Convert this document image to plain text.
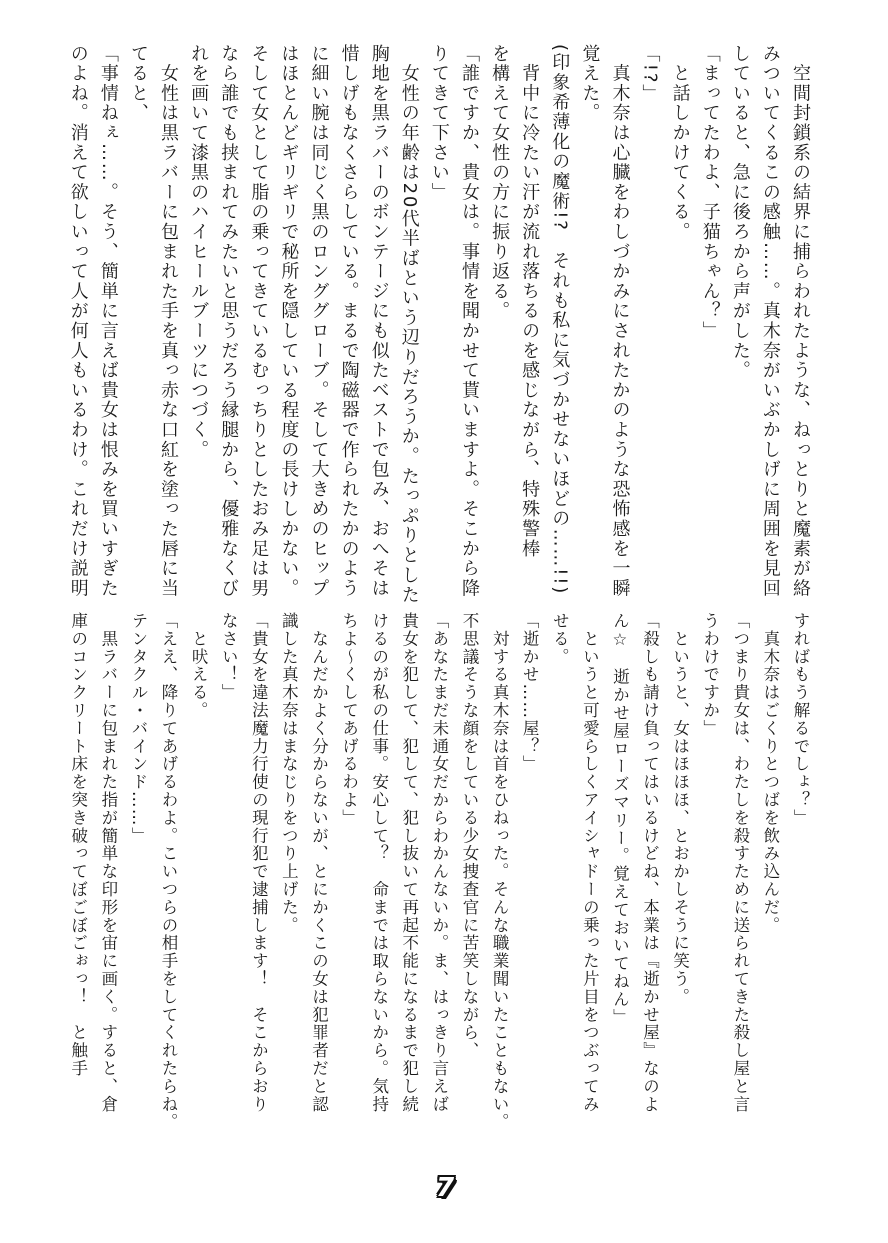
　空間封鎖系の結界に捕らわれたような、ねっとりと魔素が絡
みついてくるこの感触……。真木奈がいぶかしげに周囲を見回
していると、急に後ろから声がした。
「まってたわよ、子猫ちゃん？」
　と話しかけてくる。
「!?」
　真木奈は心臓をわしづかみにされたかのような恐怖感を一瞬
覚えた。
(印象希薄化の魔術!?　それも私に気づかせないほどの……!!)
　背中に冷たい汗が流れ落ちるのを感じながら、特殊警棒
を構えて女性の方に振り返る。
「誰ですか、貴女は。事情を聞かせて貰いますよ。そこから降
りてきて下さい」
　女性の年齢は20代半ばという辺りだろうか。たっぷりとした
胸地を黒ラバーのボンテージにも似たベストで包み、おへそは
惜しげもなくさらしている。まるで陶磁器で作られたかのよう
に細い腕は同じく黒のロンググローブ。そして大きめのヒップ
はほとんどギリギリで秘所を隠している程度の長けしかない。
そして女として脂の乗ってきているむっちりとしたおみ足は男
なら誰でも挟まれてみたいと思うだろう縁腿から、優雅なくび
れを画いて漆黒のハイヒールブーツにつづく。
　女性は黒ラバーに包まれた手を真っ赤な口紅を塗った唇に当
てると、
「事情ねぇ……。そう、簡単に言えば貴女は恨みを買いすぎた
のよね。消えて欲しいって人が何人もいるわけ。これだけ説明
すればもう解るでしょ？」
　真木奈はごくりとつばを飲み込んだ。
「つまり貴女は、わたしを殺すために送られてきた殺し屋と言
うわけですか」
　というと、女はほほほ、とおかしそうに笑う。
「殺しも請け負ってはいるけどね、本業は『逝かせ屋』なのよ
ん☆　逝かせ屋ローズマリー。覚えておいてねん」
　というと可愛らしくアイシャドーの乗った片目をつぶってみ
せる。
「逝かせ……屋？」
　対する真木奈は首をひねった。そんな職業聞いたこともない。
不思議そうな顔をしている少女捜査官に苦笑しながら、
「あなたまだ未通女だからわかんないか。ま、はっきり言えば
貴女を犯して、犯して、犯し抜いて再起不能になるまで犯し続
けるのが私の仕事。安心して？　命までは取らないから。気持
ちよ～くしてあげるわよ」
　なんだかよく分からないが、とにかくこの女は犯罪者だと認
識した真木奈はまなじりをつり上げた。
「貴女を違法魔力行使の現行犯で逮捕します！　そこからおり
なさい！」
　と吠える。
「ええ、降りてあげるわよ。こいつらの相手をしてくれたらね。
テンタクル・バインド……」
　黒ラバーに包まれた指が簡単な印形を宙に画く。すると、倉
庫のコンクリート床を突き破ってぼごぼごぉっ！　と触手
7
